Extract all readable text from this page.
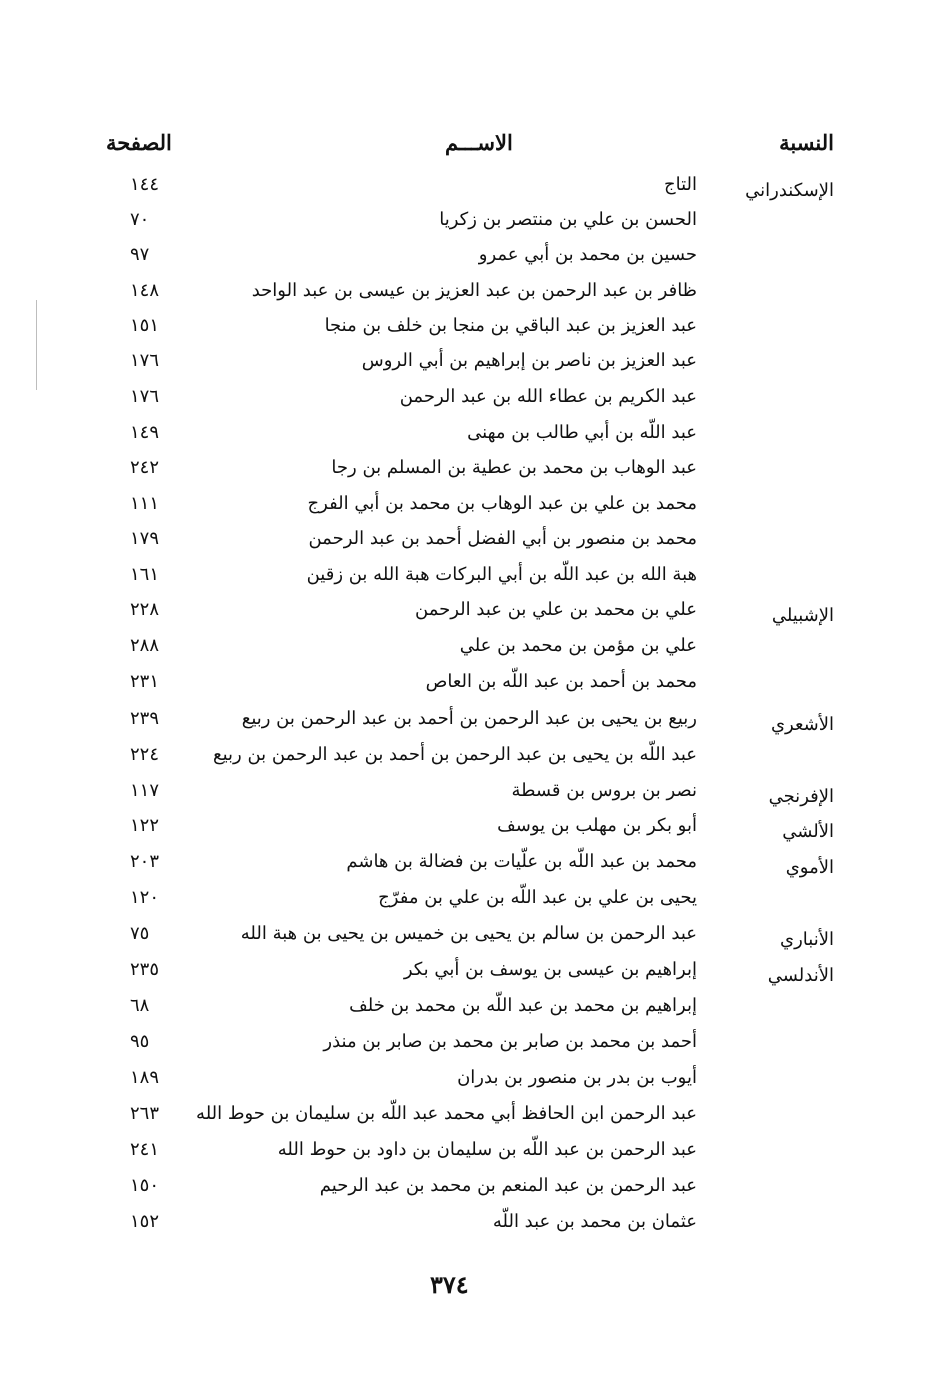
النسبة
الاســـم
الصفحة
الإسكندراني
التاج
١٤٤
الحسن بن علي بن منتصر بن زكريا
٧٠
حسين بن محمد بن أبي عمرو
٩٧
ظافر بن عبد الرحمن بن عبد العزيز بن عيسى بن عبد الواحد
١٤٨
عبد العزيز بن عبد الباقي بن منجا بن خلف بن منجا
١٥١
عبد العزيز بن ناصر بن إبراهيم بن أبي الروس
١٧٦
عبد الكريم بن عطاء الله بن عبد الرحمن
١٧٦
عبد اللّه بن أبي طالب بن مهنى
١٤٩
عبد الوهاب بن محمد بن عطية بن المسلم بن رجا
٢٤٢
محمد بن علي بن عبد الوهاب بن محمد بن أبي الفرج
١١١
محمد بن منصور بن أبي الفضل أحمد بن عبد الرحمن
١٧٩
هبة الله بن عبد اللّه بن أبي البركات هبة الله بن زقين
١٦١
الإشبيلي
علي بن محمد بن علي بن عبد الرحمن
٢٢٨
علي بن مؤمن بن محمد بن علي
٢٨٨
محمد بن أحمد بن عبد اللّه بن العاص
٢٣١
الأشعري
ربيع بن يحيى بن عبد الرحمن بن أحمد بن عبد الرحمن بن ربيع
٢٣٩
عبد اللّه بن يحيى بن عبد الرحمن بن أحمد بن عبد الرحمن بن ربيع
٢٢٤
الإفرنجي
نصر بن بروس بن قسطة
١١٧
الألشي
أبو بكر بن مهلب بن يوسف
١٢٢
الأموي
محمد بن عبد اللّه بن علّيات بن فضالة بن هاشم
٢٠٣
يحيى بن علي بن عبد اللّه بن علي بن مفرّج
١٢٠
الأنباري
عبد الرحمن بن سالم بن يحيى بن خميس بن يحيى بن هبة الله
٧٥
الأندلسي
إبراهيم بن عيسى بن يوسف بن أبي بكر
٢٣٥
إبراهيم بن محمد بن عبد اللّه بن محمد بن خلف
٦٨
أحمد بن محمد بن صابر بن محمد بن صابر بن منذر
٩٥
أيوب بن بدر بن منصور بن بدران
١٨٩
عبد الرحمن ابن الحافظ أبي محمد عبد اللّه بن سليمان بن حوط الله
٢٦٣
عبد الرحمن بن عبد اللّه بن سليمان بن داود بن حوط الله
٢٤١
عبد الرحمن بن عبد المنعم بن محمد بن عبد الرحيم
١٥٠
عثمان بن محمد بن عبد اللّه
١٥٢
٣٧٤
